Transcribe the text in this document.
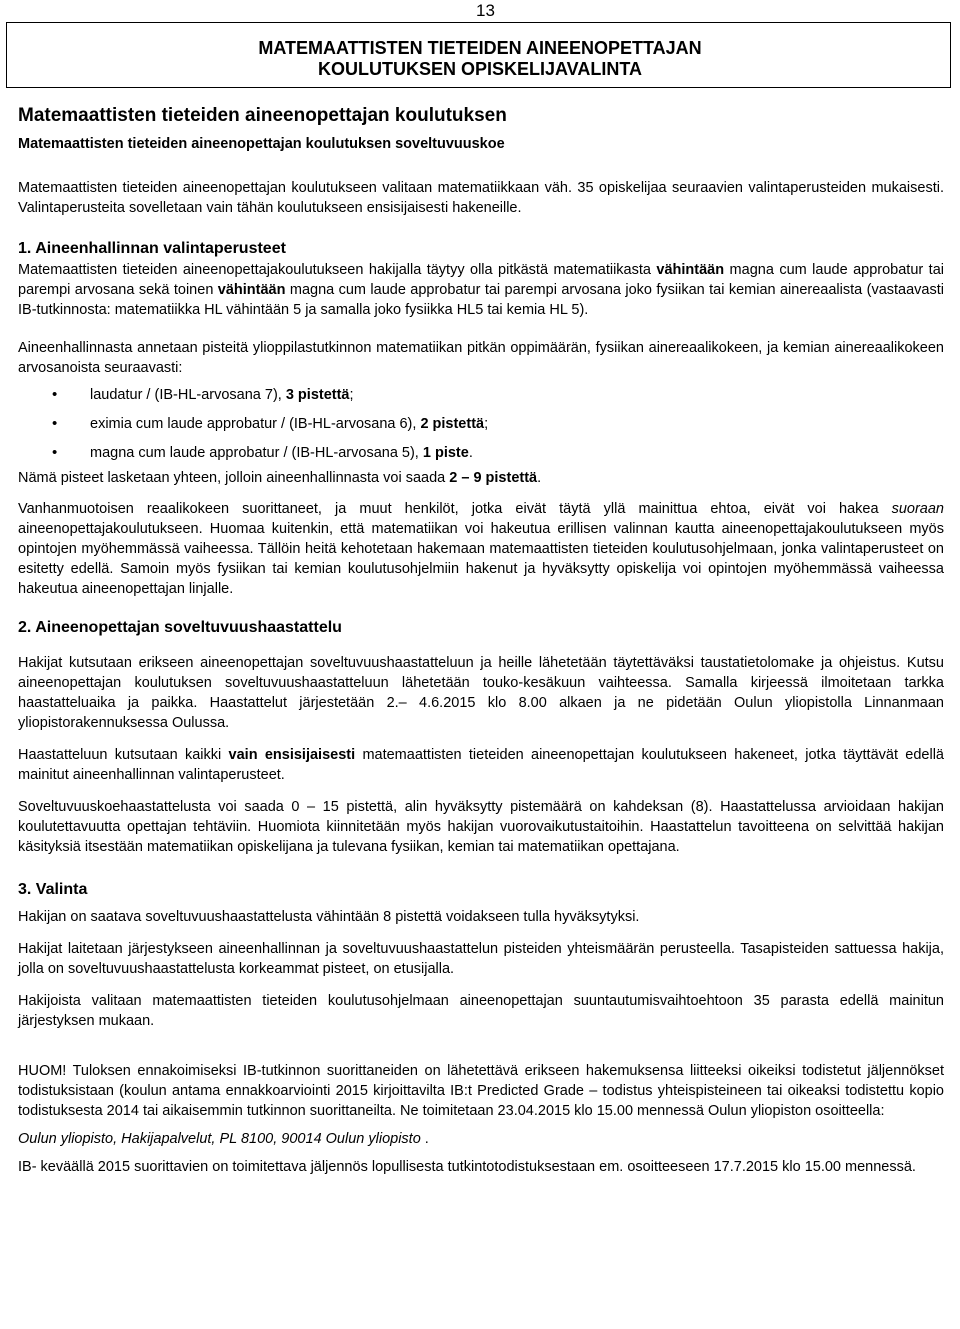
13
MATEMAATTISTEN TIETEIDEN AINEENOPETTAJAN
KOULUTUKSEN OPISKELIJAVALINTA
Matemaattisten tieteiden aineenopettajan koulutuksen
Matemaattisten tieteiden aineenopettajan koulutuksen soveltuvuuskoe

Matemaattisten tieteiden aineenopettajan koulutukseen valitaan matematiikkaan väh. 35 opiskelijaa seuraavien valintaperusteiden mukaisesti. Valintaperusteita sovelletaan vain tähän koulutukseen ensisijaisesti hakeneille.

1. Aineenhallinnan valintaperusteet

Matemaattisten tieteiden aineenopettajakoulutukseen hakijalla täytyy olla pitkästä matematiikasta vähintään magna cum laude approbatur tai parempi arvosana sekä toinen vähintään magna cum laude approbatur tai parempi arvosana joko fysiikan tai kemian ainereaalista (vastaavasti IB-tutkinnosta: matematiikka HL vähintään 5 ja samalla joko fysiikka HL5 tai kemia HL 5).

Aineenhallinnasta annetaan pisteitä ylioppilastutkinnon matematiikan pitkän oppimäärän, fysiikan ainereaalikokeen, ja kemian ainereaalikokeen arvosanoista seuraavasti:

• laudatur / (IB-HL-arvosana 7), 3 pistettä;
• eximia cum laude approbatur / (IB-HL-arvosana 6), 2 pistettä;
• magna cum laude approbatur / (IB-HL-arvosana 5), 1 piste.

Nämä pisteet lasketaan yhteen, jolloin aineenhallinnasta voi saada 2 – 9 pistettä.

Vanhanmuotoisen reaalikokeen suorittaneet, ja muut henkilöt, jotka eivät täytä yllä mainittua ehtoa, eivät voi hakea suoraan aineenopettajakoulutukseen. Huomaa kuitenkin, että matematiikan voi hakeutua erillisen valinnan kautta aineenopettajakoulutukseen myös opintojen myöhemmässä vaiheessa. Tällöin heitä kehotetaan hakemaan matemaattisten tieteiden koulutusohjelmaan, jonka valintaperusteet on esitetty edellä. Samoin myös fysiikan tai kemian koulutusohjelmiin hakenut ja hyväksytty opiskelija voi opintojen myöhemmässä vaiheessa hakeutua aineenopettajan linjalle.

2. Aineenopettajan soveltuvuushaastattelu

Hakijat kutsutaan erikseen aineenopettajan soveltuvuushaastatteluun ja heille lähetetään täytettäväksi taustatietolomake ja ohjeistus. Kutsu aineenopettajan koulutuksen soveltuvuushaastatteluun lähetetään touko-kesäkuun vaihteessa. Samalla kirjeessä ilmoitetaan tarkka haastatteluaika ja paikka. Haastattelut järjestetään 2.– 4.6.2015 klo 8.00 alkaen ja ne pidetään Oulun yliopistolla Linnanmaan yliopistorakennuksessa Oulussa.

Haastatteluun kutsutaan kaikki vain ensisijaisesti matemaattisten tieteiden aineenopettajan koulutukseen hakeneet, jotka täyttävät edellä mainitut aineenhallinnan valintaperusteet.

Soveltuvuuskoehaastattelusta voi saada 0 – 15 pistettä, alin hyväksytty pistemäärä on kahdeksan (8). Haastattelussa arvioidaan hakijan koulutettavuutta opettajan tehtäviin. Huomiota kiinnitetään myös hakijan vuorovaikutustaitoihin. Haastattelun tavoitteena on selvittää hakijan käsityksiä itsestään matematiikan opiskelijana ja tulevana fysiikan, kemian tai matematiikan opettajana.

3. Valinta

Hakijan on saatava soveltuvuushaastattelusta vähintään 8 pistettä voidakseen tulla hyväksytyksi.

Hakijat laitetaan järjestykseen aineenhallinnan ja soveltuvuushaastattelun pisteiden yhteismäärän perusteella. Tasapisteiden sattuessa hakija, jolla on soveltuvuushaastattelusta korkeammat pisteet, on etusijalla.

Hakijoista valitaan matemaattisten tieteiden koulutusohjelmaan aineenopettajan suuntautumisvaihtoehtoon 35 parasta edellä mainitun järjestyksen mukaan.

HUOM! Tuloksen ennakoimiseksi IB-tutkinnon suorittaneiden on lähetettävä erikseen hakemuksensa liitteeksi oikeiksi todistetut jäljennökset todistuksistaan (koulun antama ennakkoarviointi 2015 kirjoittavilta IB:t Predicted Grade – todistus yhteispisteineen tai oikeaksi todistettu kopio todistuksesta 2014 tai aikaisemmin tutkinnon suorittaneilta. Ne toimitetaan 23.04.2015 klo 15.00 mennessä Oulun yliopiston osoitteella:

Oulun yliopisto, Hakijapalvelut, PL 8100, 90014 Oulun yliopisto .

IB- keväällä 2015 suorittavien on toimitettava jäljennös lopullisesta tutkintotodistuksestaan em. osoitteeseen 17.7.2015 klo 15.00 mennessä.
